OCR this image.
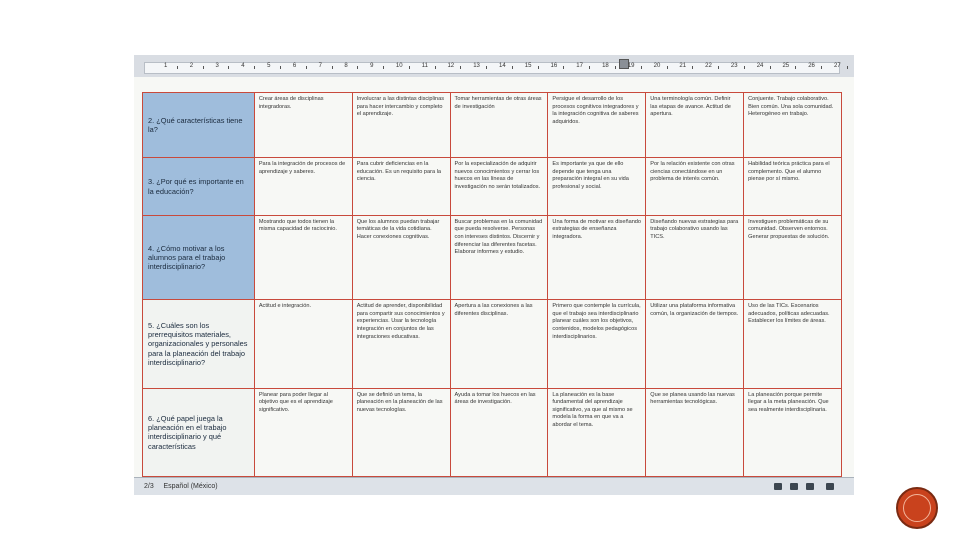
1	2	3	4	5	6	7	8	9	10	11	12	13	14	15	16	17	18	19	20	21	22	23	24	25	26	27
2. ¿Qué características tiene la?	Crear áreas de disciplinas integradoras.	Involucrar a las distintas disciplinas para hacer intercambio y completo el aprendizaje.	Tomar herramientas de otras áreas de investigación	Persigue el desarrollo de los procesos cognitivos integradores y la integración cognitiva de saberes adquiridos.	Una terminología común. Definir las etapas de avance. Actitud de apertura.	Conjuente. Trabajo colaborativo. Bien común. Una sola comunidad. Heterogéneo en trabajo.
3. ¿Por qué es importante en la educación?	Para la integración de procesos de aprendizaje y saberes.	Para cubrir deficiencias en la educación. Es un requisito para la ciencia.	Por la especialización de adquirir nuevos conocimientos y cerrar los huecos en las líneas de investigación no serán totalizados.	Es importante ya que de ello depende que tenga una preparación integral en su vida profesional y social.	Por la relación existente con otras ciencias conectándose en un problema de interés común.	Habilidad teórica práctica para el complemento. Que el alumno piense por sí mismo.
4. ¿Cómo motivar a los alumnos para el trabajo interdisciplinario?	Mostrando que todos tienen la misma capacidad de raciocinio.	Que los alumnos puedan trabajar temáticas de la vida cotidiana. Hacer conexiones cognitivas.	Buscar problemas en la comunidad que pueda resolverse. Personas con intereses distintos. Discernir y diferenciar las diferentes facetas. Elaborar informes y estudio.	Una forma de motivar es diseñando estrategias de enseñanza integradora.	Diseñando nuevas estrategias para trabajo colaborativo usando las TICS.	Investiguen problemáticas de su comunidad. Observen entornos. Generar propuestas de solución.
5. ¿Cuáles son los prerrequisitos materiales, organizacionales y personales para la planeación del trabajo interdisciplinario?	Actitud e integración.	Actitud de aprender, disponibilidad para compartir sus conocimientos y experiencias. Usar la tecnología integración en conjuntos de las integraciones educativas.	Apertura a las conexiones a las diferentes disciplinas.	Primero que contemple la currícula, que el trabajo sea interdisciplinario planear cuáles son los objetivos, contenidos, modelos pedagógicos interdisciplinarios.	Utilizar una plataforma informativa común, la organización de tiempos.	Uso de las TICs. Escenarios adecuados, políticas adecuadas. Establecer los límites de áreas.
6. ¿Qué papel juega la planeación en el trabajo interdisciplinario y qué características	Planear para poder llegar al objetivo que es el aprendizaje significativo.	Que se definió un tema, la planeación en la planeación de las nuevas tecnologías.	Ayuda a tomar los huecos en las áreas de investigación.	La planeación es la base fundamental del aprendizaje significativo, ya que al mismo se modela la forma en que va a abordar el tema.	Que se planea usando las nuevas herramientas tecnológicas.	La planeación porque permite llegar a la meta planeación. Que sea realmente interdisciplinaria.
2/3 Español (México)
